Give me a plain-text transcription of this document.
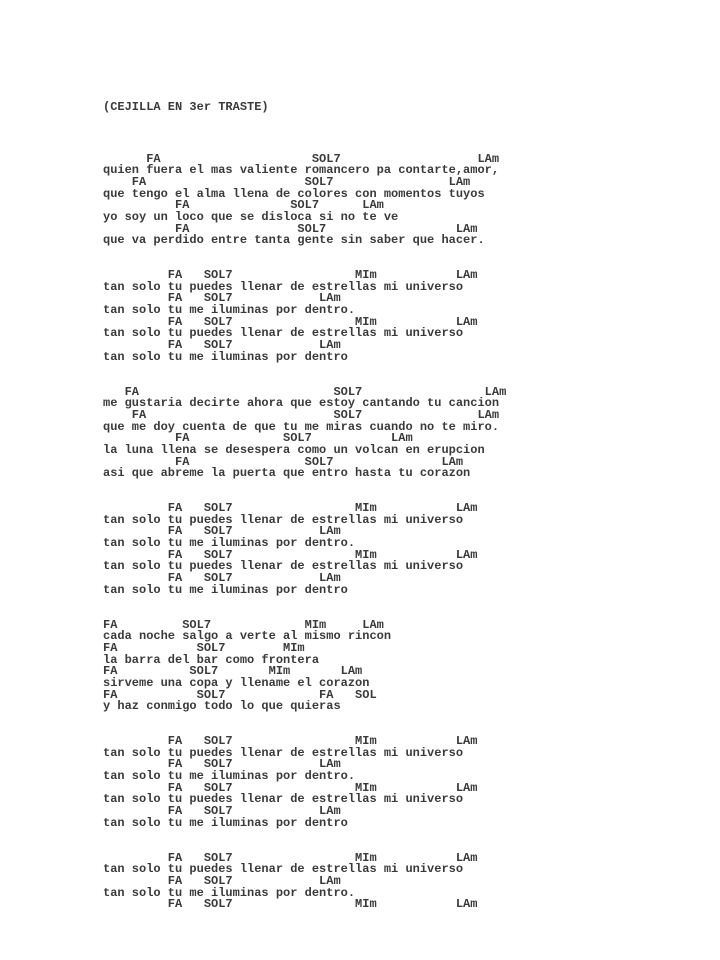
(CEJILLA EN 3er TRASTE)

FA                     SOL7                   LAm
quien fuera el mas valiente romancero pa contarte,amor,
FA                      SOL7                LAm
que tengo el alma llena de colores con momentos tuyos
FA              SOL7      LAm
yo soy un loco que se disloca si no te ve
FA               SOL7                  LAm
que va perdido entre tanta gente sin saber que hacer.
FA   SOL7                 MIm           LAm
tan solo tu puedes llenar de estrellas mi universo
FA   SOL7            LAm
tan solo tu me iluminas por dentro.
FA   SOL7                 MIm           LAm
tan solo tu puedes llenar de estrellas mi universo
FA   SOL7            LAm
tan solo tu me iluminas por dentro
FA                           SOL7                 LAm
me gustaria decirte ahora que estoy cantando tu cancion
FA                          SOL7                LAm
que me doy cuenta de que tu me miras cuando no te miro.
FA             SOL7           LAm
la luna llena se desespera como un volcan en erupcion
FA                SOL7               LAm
asi que abreme la puerta que entro hasta tu corazon
FA   SOL7                 MIm           LAm
tan solo tu puedes llenar de estrellas mi universo
FA   SOL7            LAm
tan solo tu me iluminas por dentro.
FA   SOL7                 MIm           LAm
tan solo tu puedes llenar de estrellas mi universo
FA   SOL7            LAm
tan solo tu me iluminas por dentro
FA         SOL7             MIm     LAm
cada noche salgo a verte al mismo rincon
FA           SOL7        MIm
la barra del bar como frontera
FA          SOL7       MIm       LAm
sirveme una copa y llename el corazon
FA           SOL7             FA   SOL
y haz conmigo todo lo que quieras
FA   SOL7                 MIm           LAm
tan solo tu puedes llenar de estrellas mi universo
FA   SOL7            LAm
tan solo tu me iluminas por dentro.
FA   SOL7                 MIm           LAm
tan solo tu puedes llenar de estrellas mi universo
FA   SOL7            LAm
tan solo tu me iluminas por dentro
FA   SOL7                 MIm           LAm
tan solo tu puedes llenar de estrellas mi universo
FA   SOL7            LAm
tan solo tu me iluminas por dentro.
FA   SOL7                 MIm           LAm
